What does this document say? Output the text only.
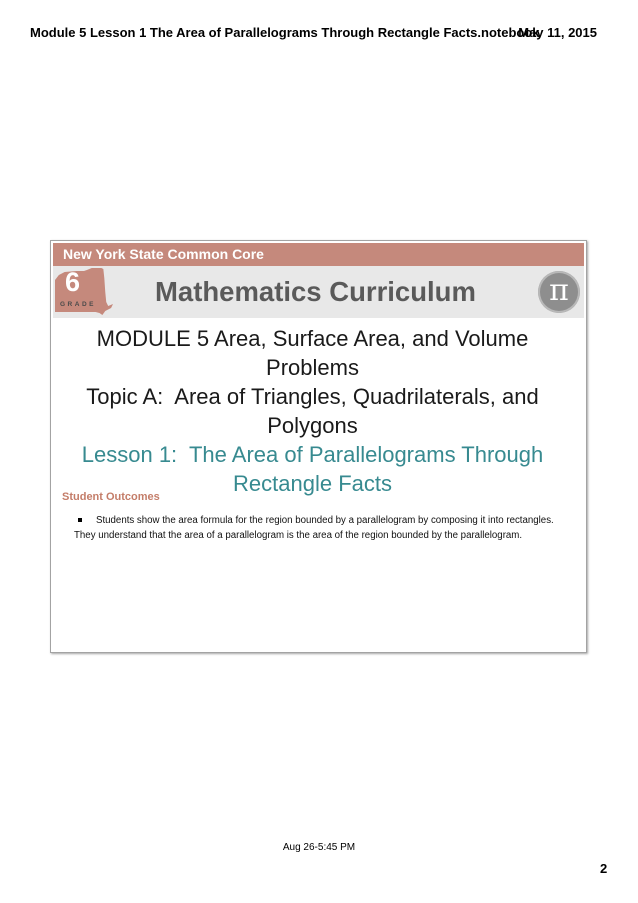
Module 5 Lesson 1 The Area of Parallelograms Through Rectangle Facts.notebook
May 11, 2015
New York State Common Core
6
GRADE Mathematics Curriculum	π
MODULE 5 Area, Surface Area, and Volume Problems
Topic A:  Area of Triangles, Quadrilaterals, and Polygons
Lesson 1:  The Area of Parallelograms Through Rectangle Facts
Student Outcomes
Students show the area formula for the region bounded by a parallelogram by composing it into rectangles.
They understand that the area of a parallelogram is the area of the region bounded by the parallelogram.
Aug 26-5:45 PM
2
